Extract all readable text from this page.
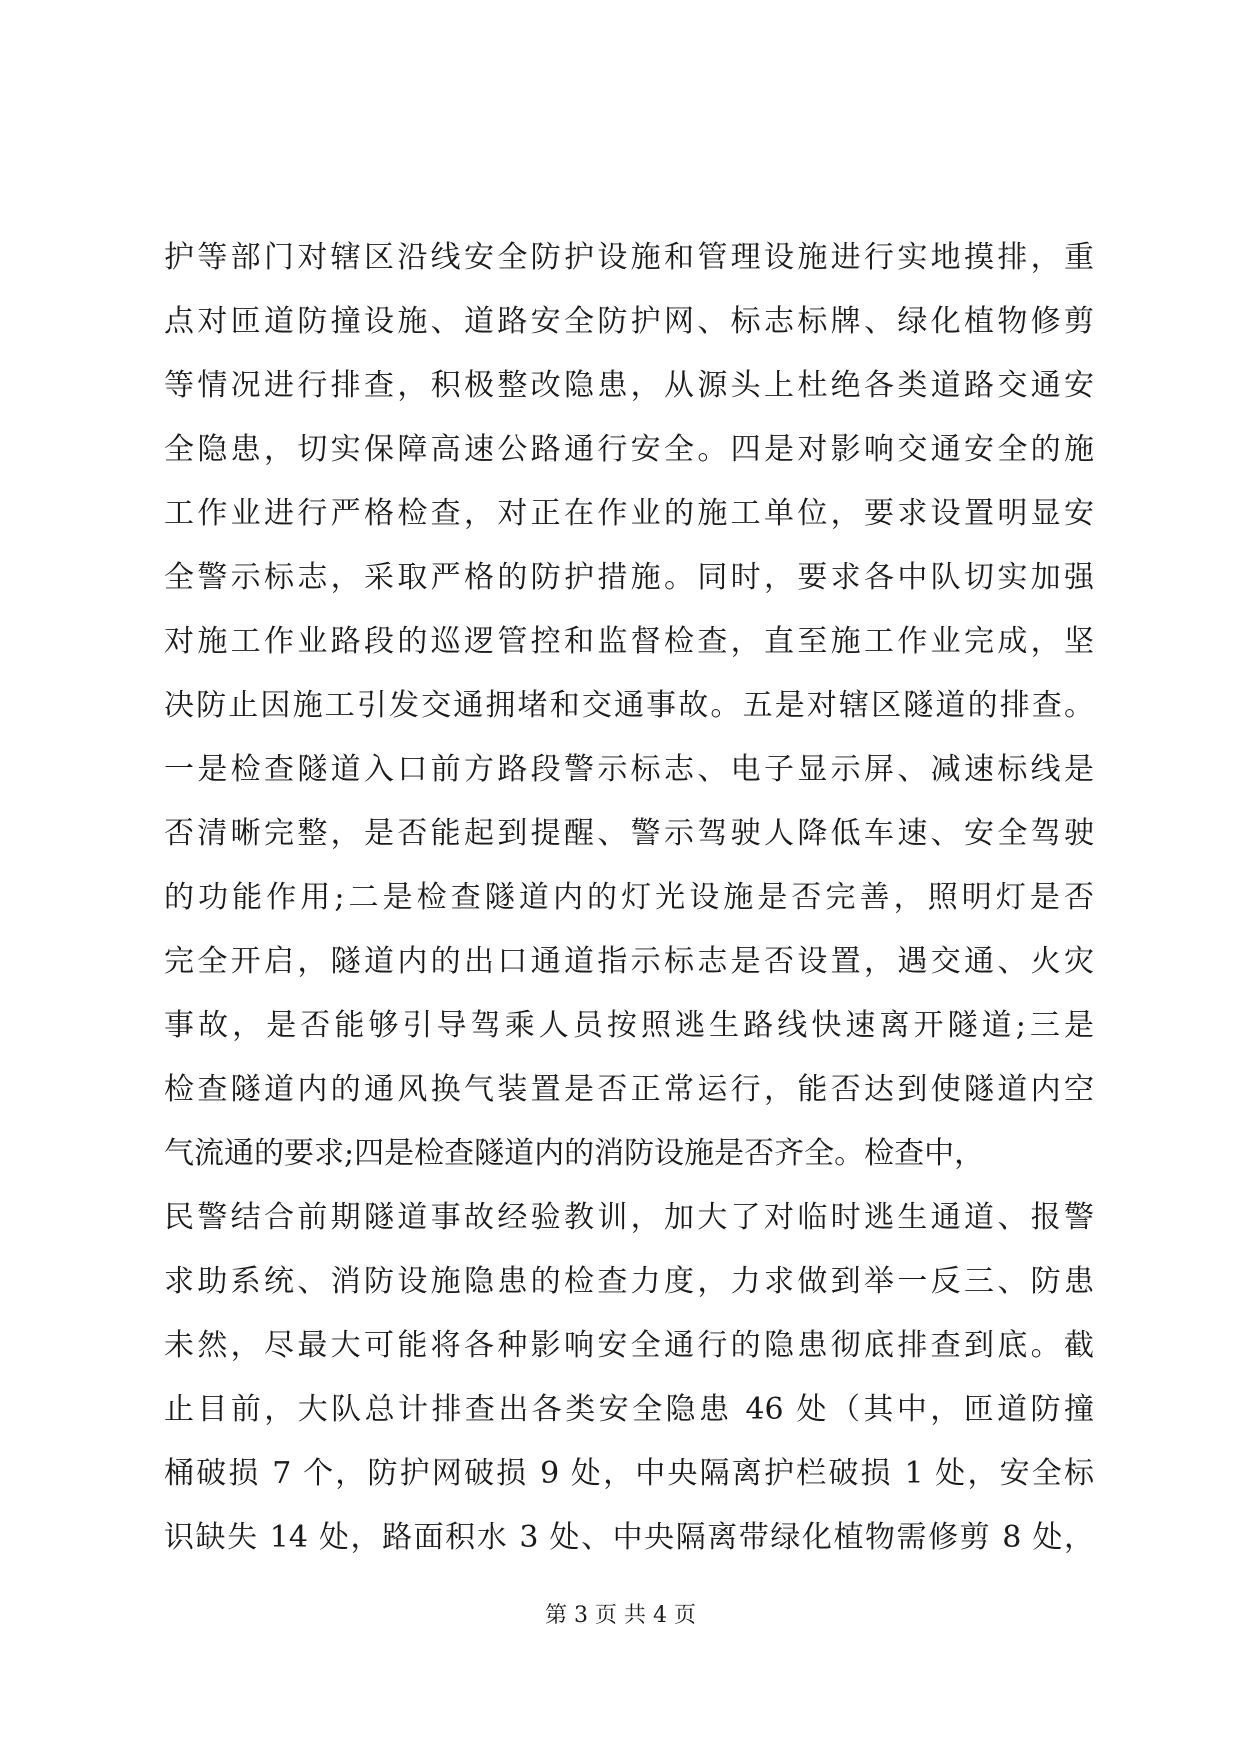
护等部门对辖区沿线安全防护设施和管理设施进行实地摸排，重
点对匝道防撞设施、道路安全防护网、标志标牌、绿化植物修剪
等情况进行排查，积极整改隐患，从源头上杜绝各类道路交通安
全隐患，切实保障高速公路通行安全。四是对影响交通安全的施
工作业进行严格检查，对正在作业的施工单位，要求设置明显安
全警示标志，采取严格的防护措施。同时，要求各中队切实加强
对施工作业路段的巡逻管控和监督检查，直至施工作业完成，坚
决防止因施工引发交通拥堵和交通事故。五是对辖区隧道的排查。
一是检查隧道入口前方路段警示标志、电子显示屏、减速标线是
否清晰完整，是否能起到提醒、警示驾驶人降低车速、安全驾驶
的功能作用;二是检查隧道内的灯光设施是否完善，照明灯是否
完全开启，隧道内的出口通道指示标志是否设置，遇交通、火灾
事故，是否能够引导驾乘人员按照逃生路线快速离开隧道;三是
检查隧道内的通风换气装置是否正常运行，能否达到使隧道内空
气流通的要求;四是检查隧道内的消防设施是否齐全。检查中，
民警结合前期隧道事故经验教训，加大了对临时逃生通道、报警
求助系统、消防设施隐患的检查力度，力求做到举一反三、防患
未然，尽最大可能将各种影响安全通行的隐患彻底排查到底。截
止目前，大队总计排查出各类安全隐患 46 处（其中，匝道防撞
桶破损 7 个，防护网破损 9 处，中央隔离护栏破损 1 处，安全标
识缺失 14 处，路面积水 3 处、中央隔离带绿化植物需修剪 8 处，
第 3 页 共 4 页
